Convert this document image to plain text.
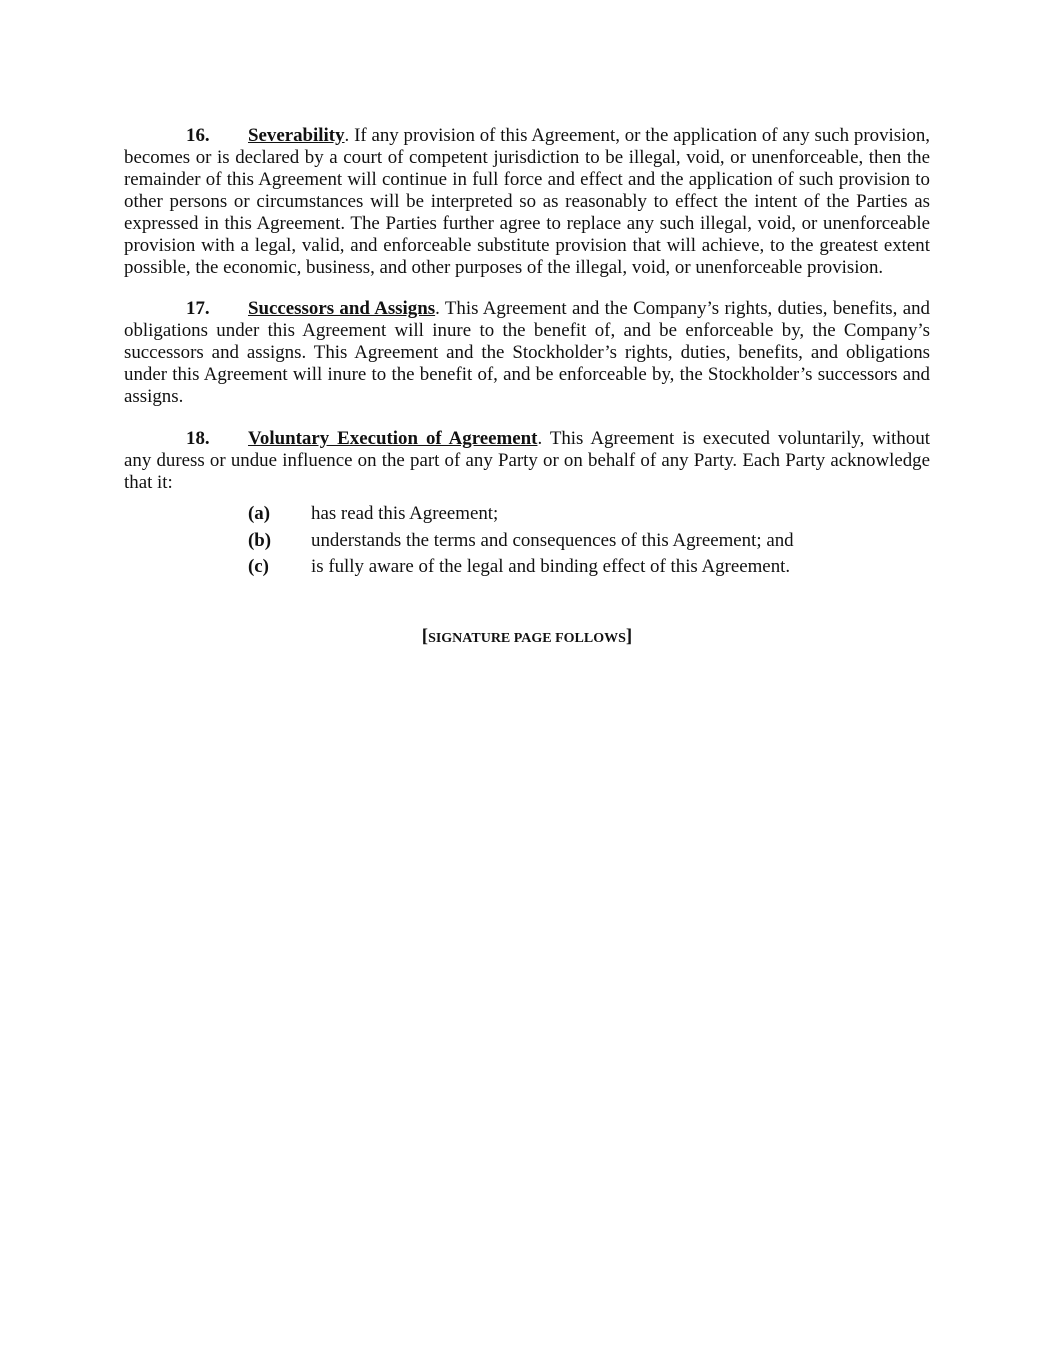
16. Severability. If any provision of this Agreement, or the application of any such provision, becomes or is declared by a court of competent jurisdiction to be illegal, void, or unenforceable, then the remainder of this Agreement will continue in full force and effect and the application of such provision to other persons or circumstances will be interpreted so as reasonably to effect the intent of the Parties as expressed in this Agreement. The Parties further agree to replace any such illegal, void, or unenforceable provision with a legal, valid, and enforceable substitute provision that will achieve, to the greatest extent possible, the economic, business, and other purposes of the illegal, void, or unenforceable provision.

17. Successors and Assigns. This Agreement and the Company’s rights, duties, benefits, and obligations under this Agreement will inure to the benefit of, and be enforceable by, the Company’s successors and assigns. This Agreement and the Stockholder’s rights, duties, benefits, and obligations under this Agreement will inure to the benefit of, and be enforceable by, the Stockholder’s successors and assigns.

18. Voluntary Execution of Agreement. This Agreement is executed voluntarily, without any duress or undue influence on the part of any Party or on behalf of any Party. Each Party acknowledge that it:

(a) has read this Agreement;
(b) understands the terms and consequences of this Agreement; and
(c) is fully aware of the legal and binding effect of this Agreement.
[SIGNATURE PAGE FOLLOWS]
